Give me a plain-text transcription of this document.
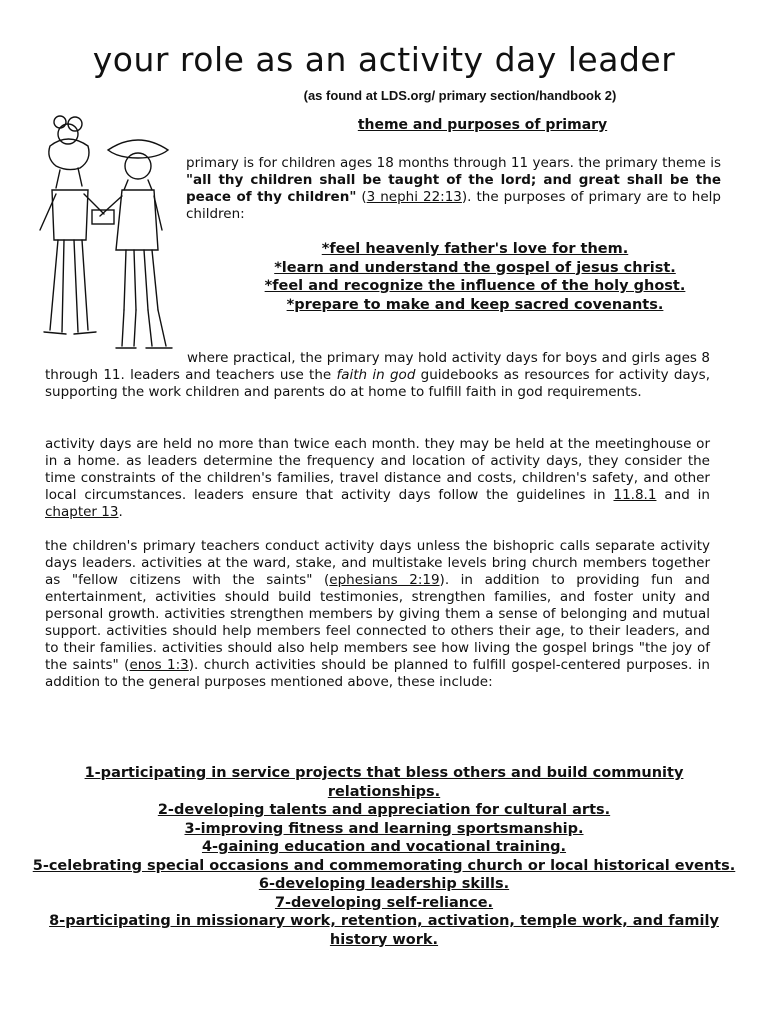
your role as an activity day leader
(as found at LDS.org/ primary section/handbook 2)
theme and purposes of primary
primary is for children ages 18 months through 11 years. the primary theme is "all thy children shall be taught of the lord; and great shall be the peace of thy children" (3 nephi 22:13). the purposes of primary are to help children:
*feel heavenly father's love for them.
*learn and understand the gospel of jesus christ.
*feel and recognize the influence of the holy ghost.
*prepare to make and keep sacred covenants.
where practical, the primary may hold activity days for boys and girls ages 8 through 11. leaders and teachers use the faith in god guidebooks as resources for activity days, supporting the work children and parents do at home to fulfill faith in god requirements.
activity days are held no more than twice each month. they may be held at the meetinghouse or in a home. as leaders determine the frequency and location of activity days, they consider the time constraints of the children's families, travel distance and costs, children's safety, and other local circumstances. leaders ensure that activity days follow the guidelines in 11.8.1 and in chapter 13.
the children's primary teachers conduct activity days unless the bishopric calls separate activity days leaders. activities at the ward, stake, and multistake levels bring church members together as "fellow citizens with the saints" (ephesians 2:19). in addition to providing fun and entertainment, activities should build testimonies, strengthen families, and foster unity and personal growth. activities strengthen members by giving them a sense of belonging and mutual support. activities should help members feel connected to others their age, to their leaders, and to their families. activities should also help members see how living the gospel brings "the joy of the saints" (enos 1:3). church activities should be planned to fulfill gospel-centered purposes. in addition to the general purposes mentioned above, these include:
1-participating in service projects that bless others and build community relationships.
2-developing talents and appreciation for cultural arts.
3-improving fitness and learning sportsmanship.
4-gaining education and vocational training.
5-celebrating special occasions and commemorating church or local historical events.
6-developing leadership skills.
7-developing self-reliance.
8-participating in missionary work, retention, activation, temple work, and family history work.
